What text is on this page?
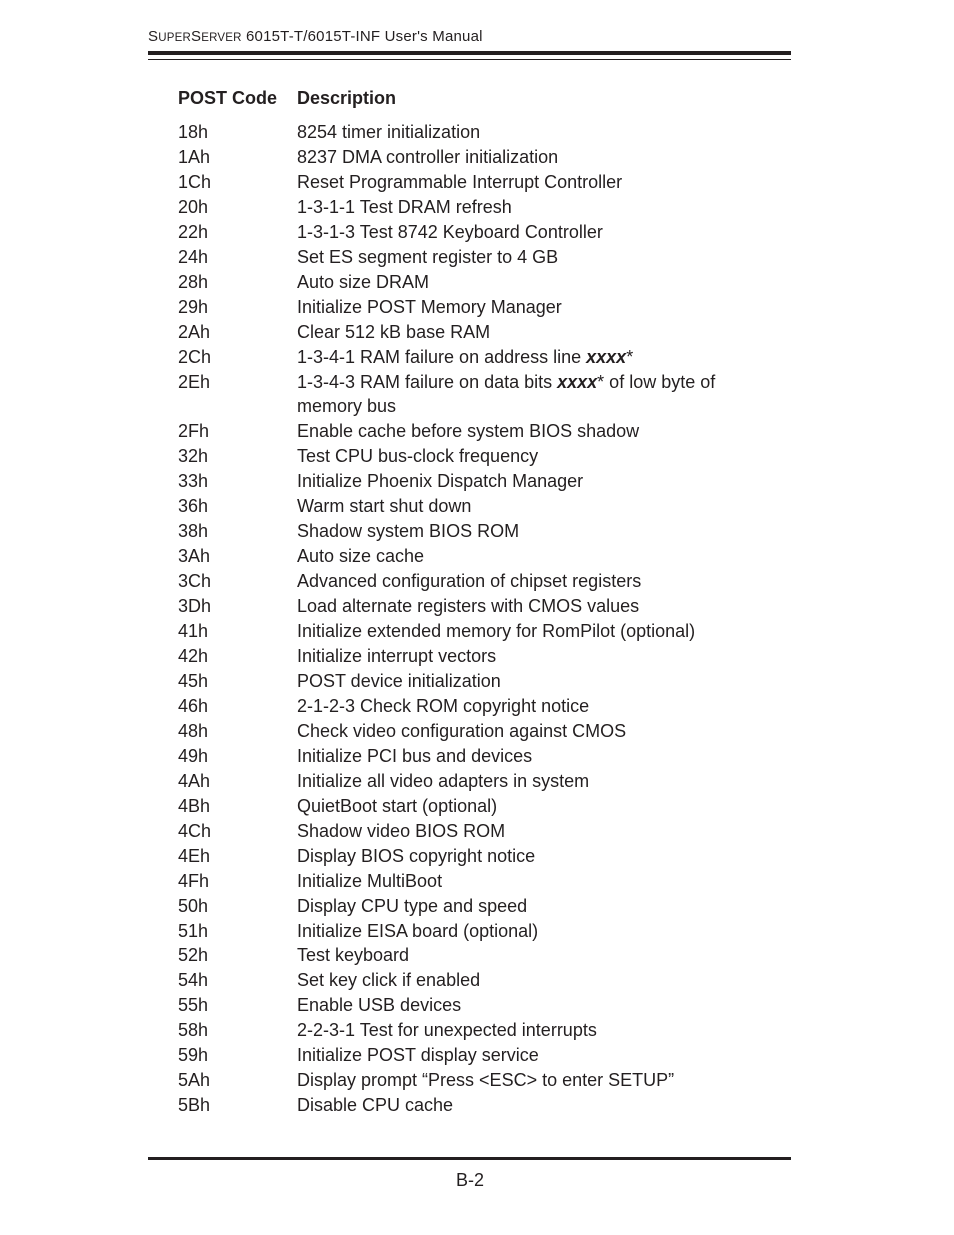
SUPERSERVER 6015T-T/6015T-INF User's Manual
POST Code	Description
18h	8254 timer initialization
1Ah	8237 DMA controller initialization
1Ch	Reset Programmable Interrupt Controller
20h	1-3-1-1 Test DRAM refresh
22h	1-3-1-3 Test 8742 Keyboard Controller
24h	Set ES segment register to 4 GB
28h	Auto size DRAM
29h	Initialize POST Memory Manager
2Ah	Clear 512 kB base RAM
2Ch	1-3-4-1 RAM failure on address line xxxx*
2Eh	1-3-4-3 RAM failure on data bits xxxx* of low byte of memory bus
2Fh	Enable cache before system BIOS shadow
32h	Test CPU bus-clock frequency
33h	Initialize Phoenix Dispatch Manager
36h	Warm start shut down
38h	Shadow system BIOS ROM
3Ah	Auto size cache
3Ch	Advanced configuration of chipset registers
3Dh	Load alternate registers with CMOS values
41h	Initialize extended memory for RomPilot (optional)
42h	Initialize interrupt vectors
45h	POST device initialization
46h	2-1-2-3 Check ROM copyright notice
48h	Check video configuration against CMOS
49h	Initialize PCI bus and devices
4Ah	Initialize all video adapters in system
4Bh	QuietBoot start (optional)
4Ch	Shadow video BIOS ROM
4Eh	Display BIOS copyright notice
4Fh	Initialize MultiBoot
50h	Display CPU type and speed
51h	Initialize EISA board (optional)
52h	Test keyboard
54h	Set key click if enabled
55h	Enable USB devices
58h	2-2-3-1 Test for unexpected interrupts
59h	Initialize POST display service
5Ah	Display prompt “Press <ESC> to enter SETUP”
5Bh	Disable CPU cache
B-2
